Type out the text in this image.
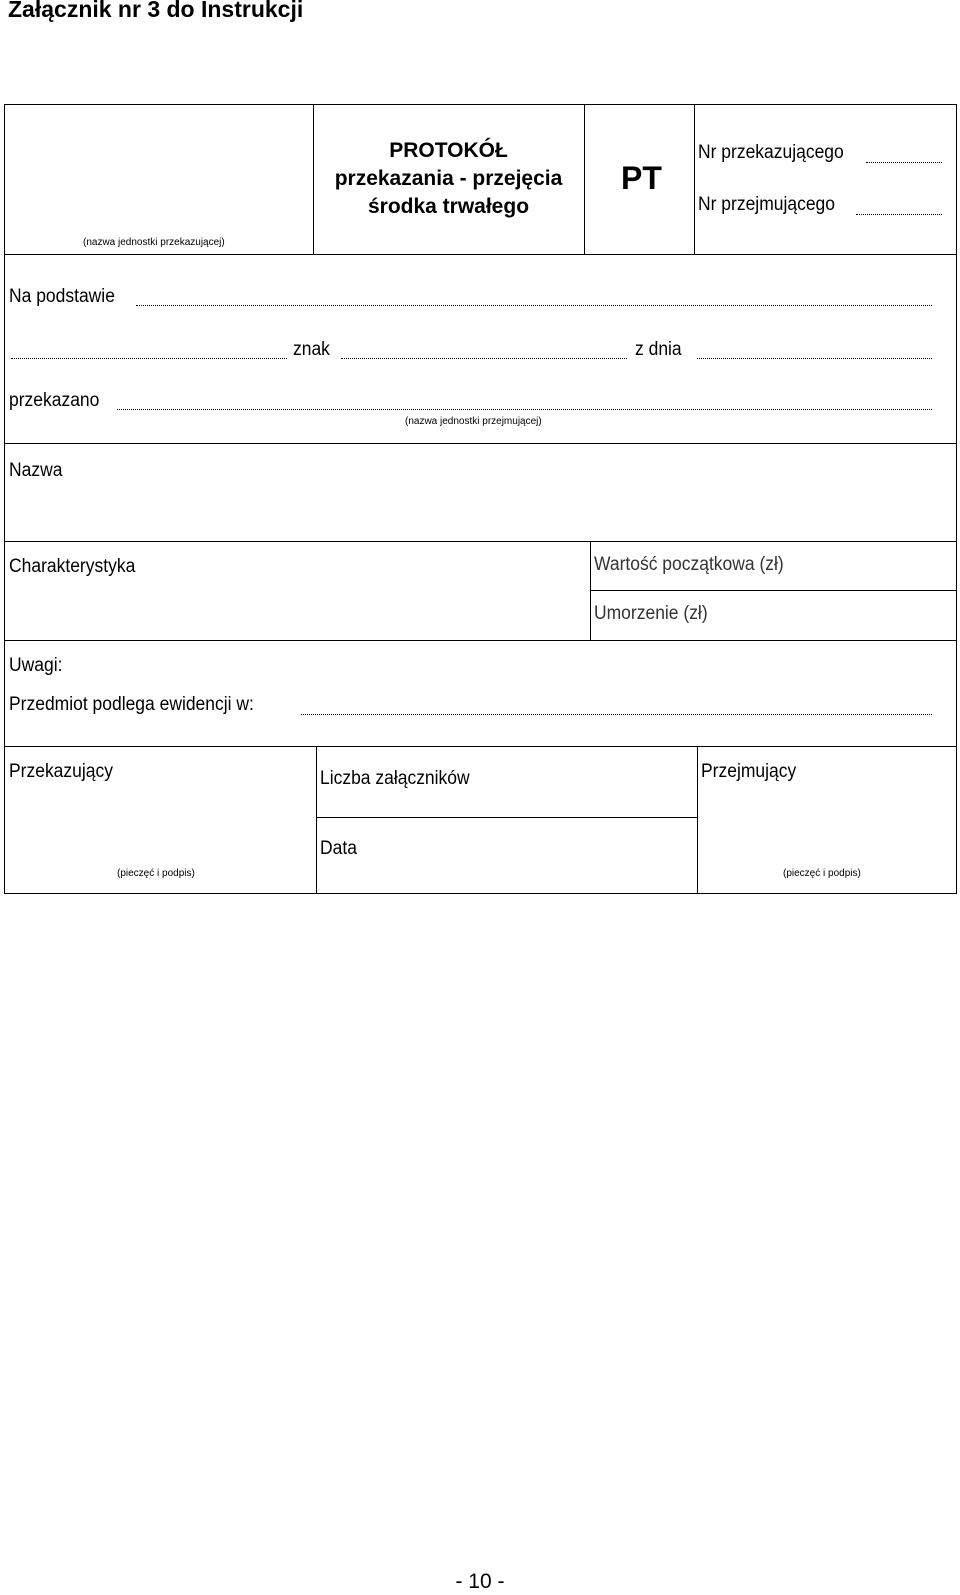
Załącznik nr 3 do Instrukcji
(nazwa jednostki przekazującej)
PROTOKÓŁ
przekazania - przejęcia
środka trwałego
PT
Nr przekazującego
Nr przejmującego
Na podstawie
znak	z dnia
przekazano
(nazwa jednostki przejmującej)
Nazwa
Charakterystyka	Wartość początkowa (zł)
Umorzenie (zł)
Uwagi:
Przedmiot podlega ewidencji w:
Przekazujący
(pieczęć i podpis)
Liczba załączników
Data
Przejmujący
(pieczęć i podpis)
- 10 -
